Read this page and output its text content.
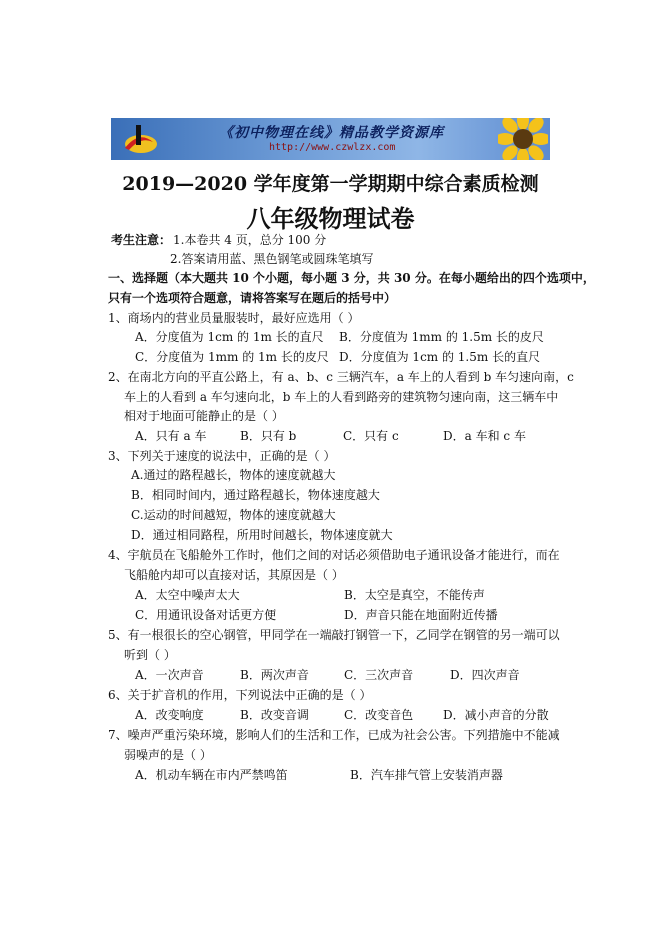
《初中物理在线》精品教学资源库
http://www.czwlzx.com
2019—2020 学年度第一学期期中综合素质检测
八年级物理试卷
考生注意： 1.本卷共 4 页，总分 100 分
2.答案请用蓝、黑色钢笔或圆珠笔填写
一、选择题（本大题共 10 个小题，每小题 3 分，共 30 分。在每小题给出的四个选项中，
只有一个选项符合题意，请将答案写在题后的括号中）
1、商场内的营业员量服装时，最好应选用（ ）
A．分度值为 1cm 的 1m 长的直尺 B．分度值为 1mm 的 1.5m 长的皮尺
C．分度值为 1mm 的 1m 长的皮尺 D．分度值为 1cm 的 1.5m 长的直尺
2、在南北方向的平直公路上，有 a、b、c 三辆汽车，a 车上的人看到 b 车匀速向南，c
车上的人看到 a 车匀速向北，b 车上的人看到路旁的建筑物匀速向南，这三辆车中
相对于地面可能静止的是（ ）
A．只有 a 车	B．只有 b	C．只有 c	D．a 车和 c 车
3、下列关于速度的说法中，正确的是（ ）
A.通过的路程越长，物体的速度就越大
B．相同时间内，通过路程越长，物体速度越大
C.运动的时间越短，物体的速度就越大
D．通过相同路程，所用时间越长，物体速度就大
4、宇航员在飞船舱外工作时，他们之间的对话必须借助电子通讯设备才能进行，而在
飞船舱内却可以直接对话，其原因是（ ）
A．太空中噪声太大	B．太空是真空，不能传声
C．用通讯设备对话更方便	D．声音只能在地面附近传播
5、有一根很长的空心钢管，甲同学在一端敲打钢管一下，乙同学在钢管的另一端可以
听到（ ）
A．一次声音	B．两次声音	C．三次声音	D．四次声音
6、关于扩音机的作用，下列说法中正确的是（ ）
A．改变响度	B．改变音调	C．改变音色 D．减小声音的分散
7、噪声严重污染环境，影响人们的生活和工作，已成为社会公害。下列措施中不能减
弱噪声的是（ ）
A．机动车辆在市内严禁鸣笛	B．汽车排气管上安装消声器
